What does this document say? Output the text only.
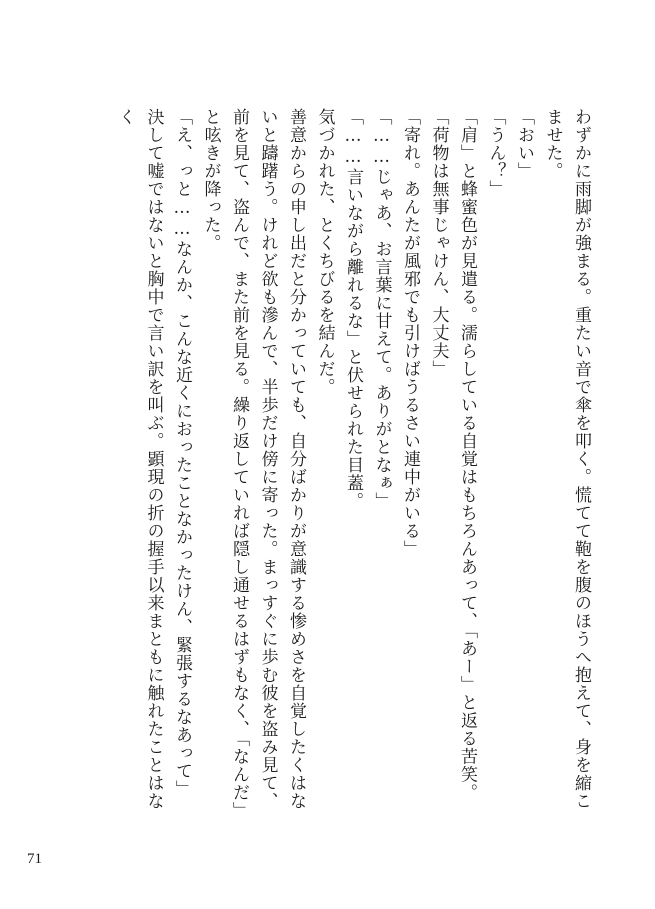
わずかに雨脚が強まる。重たい音で傘を叩く。慌てて鞄を腹のほうへ抱えて、身を縮こませた。

「おい」

「うん？」

「肩」と蜂蜜色が見遣る。濡らしている自覚はもちろんあって、「あー」と返る苦笑。

「荷物は無事じゃけん、大丈夫」

「寄れ。あんたが風邪でも引けばうるさい連中がいる」

「……じゃあ、お言葉に甘えて。ありがとなぁ」

「……言いながら離れるな」と伏せられた目蓋。

気づかれた、とくちびるを結んだ。

善意からの申し出だと分かっていても、自分ばかりが意識する惨めさを自覚したくはないと躊躇う。けれど欲も滲んで、半歩だけ傍に寄った。まっすぐに歩む彼を盗み見て、前を見て、盗んで、また前を見る。繰り返していれば隠し通せるはずもなく、「なんだ」と呟きが降った。

「え、っと……なんか、こんな近くにおったことなかったけん、緊張するなあって」

決して嘘ではないと胸中で言い訳を叫ぶ。顕現の折の握手以来まともに触れたことはなく

71
